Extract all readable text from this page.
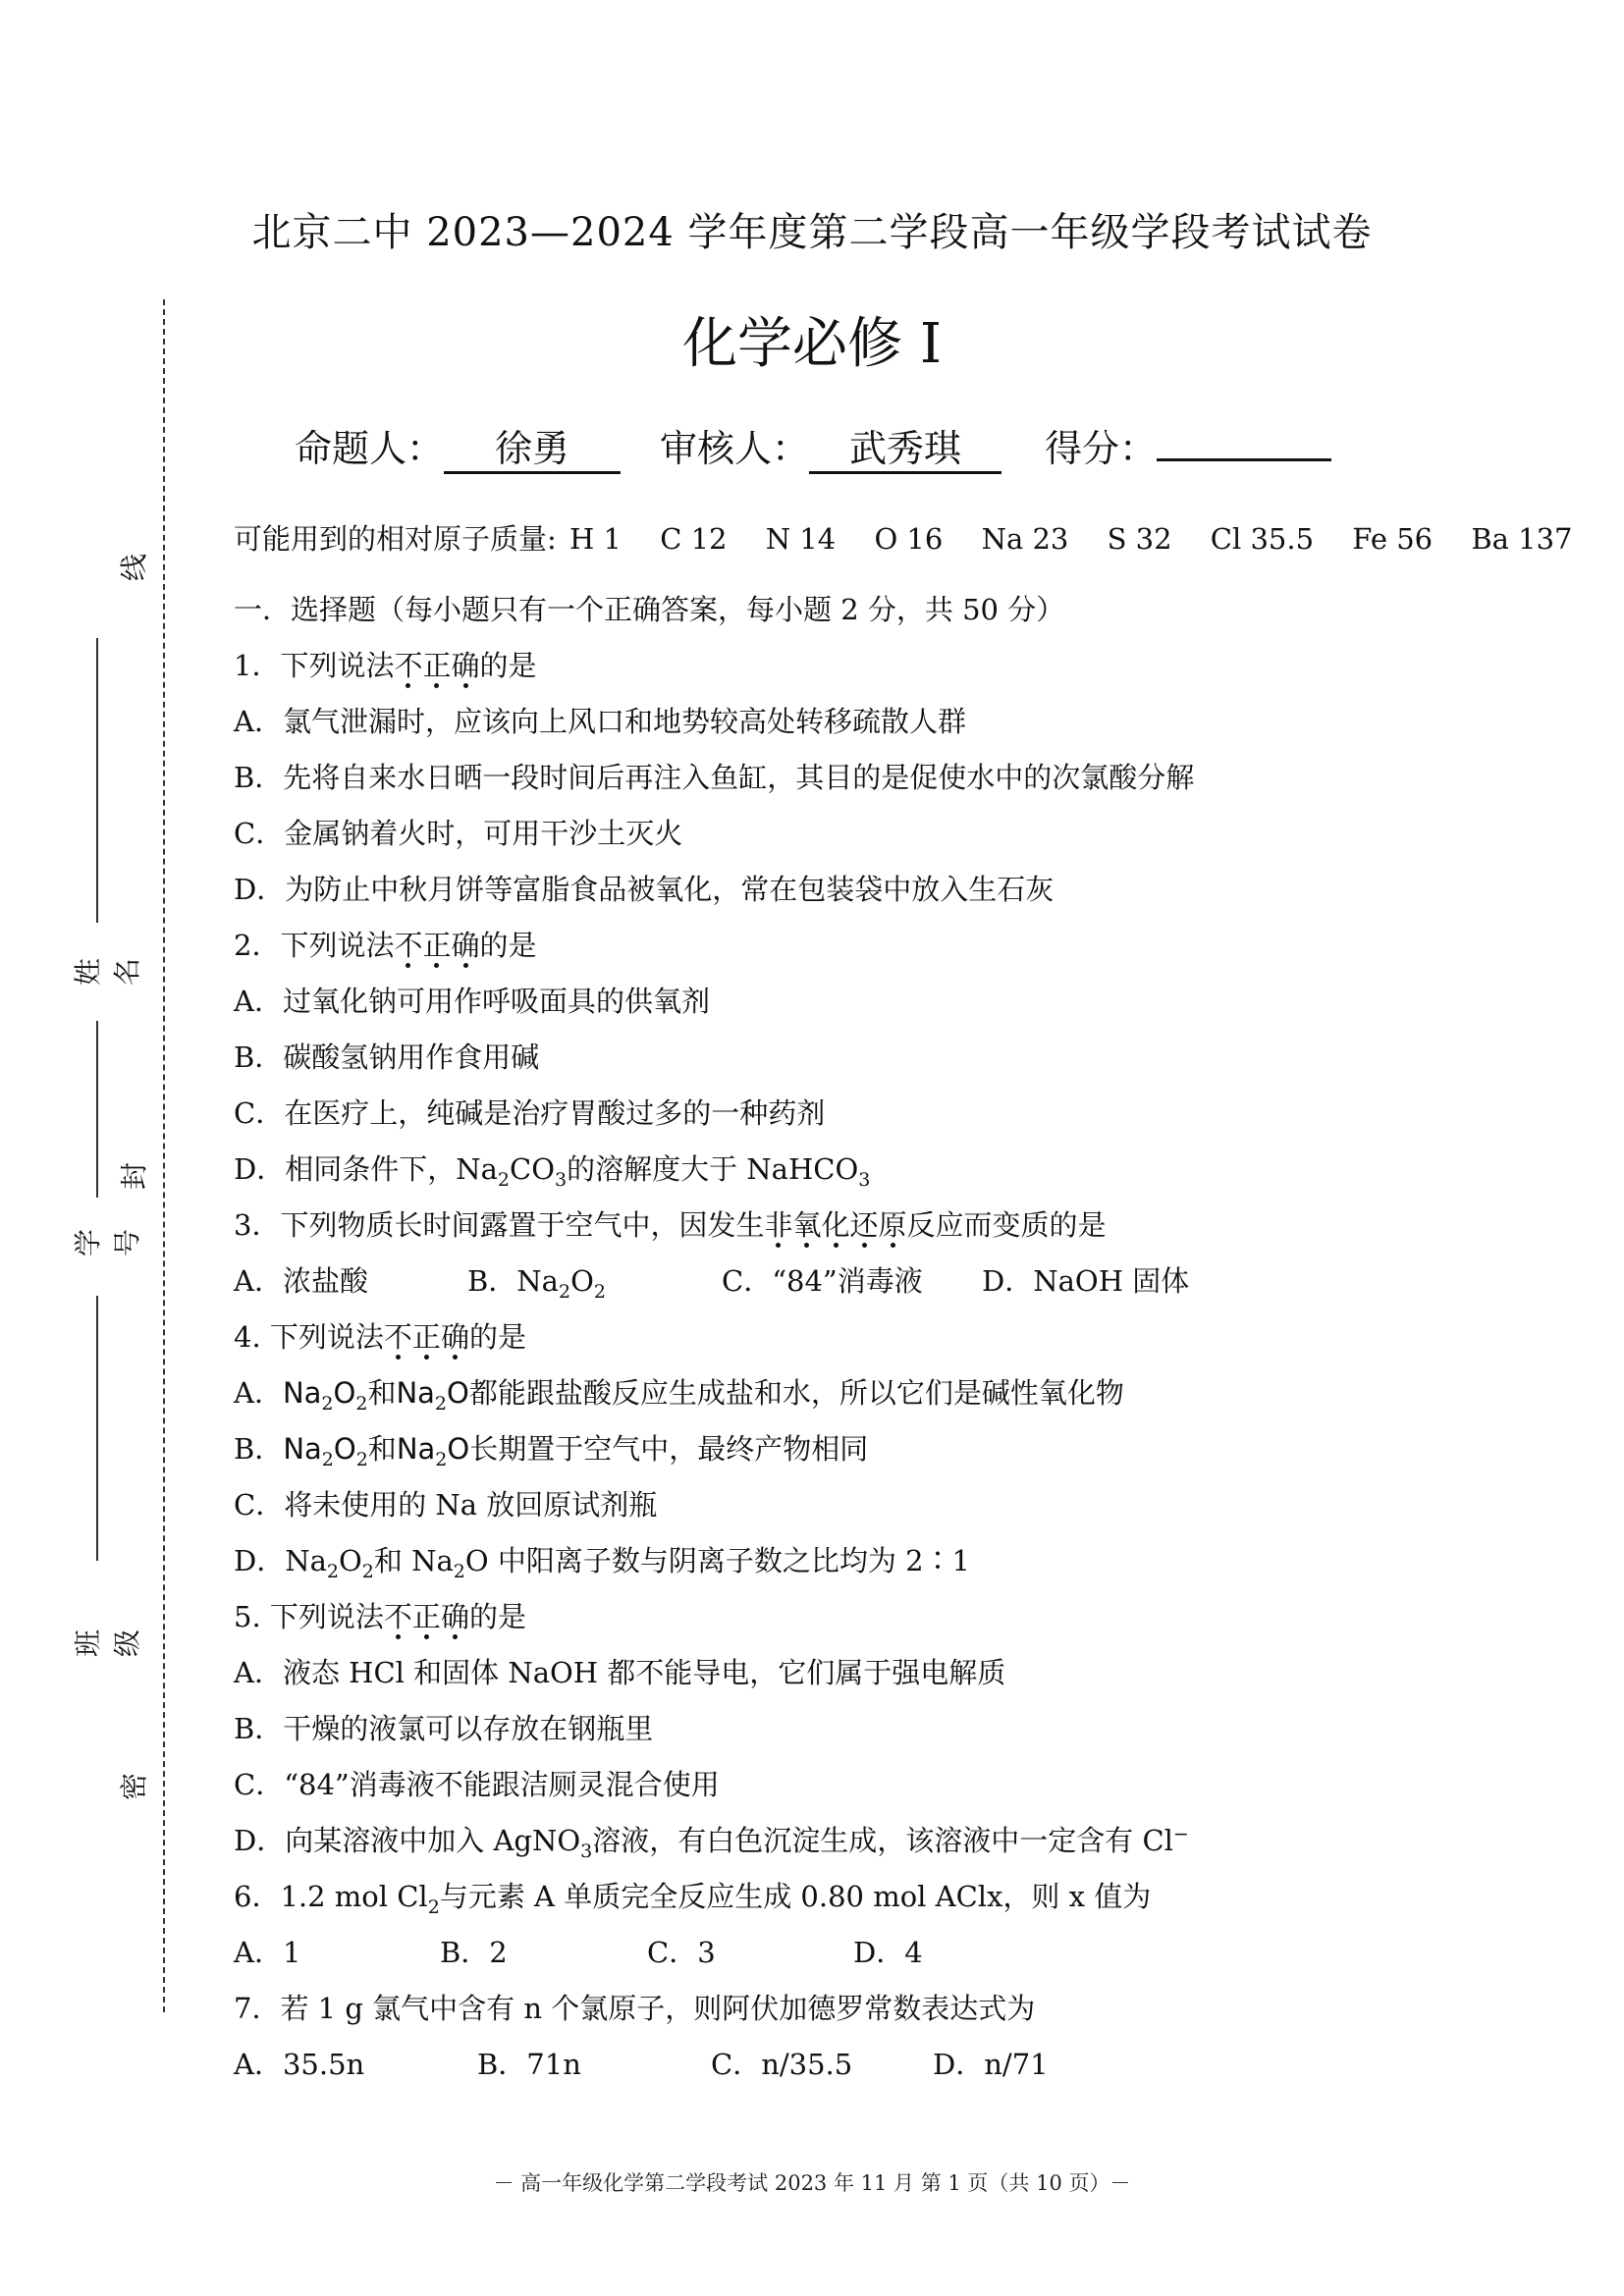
北京二中 2023—2024 学年度第二学段高一年级学段考试试卷
化学必修 I
命题人： 徐勇	审核人： 武秀琪	得分：
线
封
密
姓名
学号
班级
可能用到的相对原子质量: H 1 C 12 N 14 O 16 Na 23 S 32 Cl 35.5 Fe 56 Ba 137
一．选择题（每小题只有一个正确答案，每小题 2 分，共 50 分）
1．下列说法不正确的是
A．氯气泄漏时，应该向上风口和地势较高处转移疏散人群
B．先将自来水日晒一段时间后再注入鱼缸，其目的是促使水中的次氯酸分解
C．金属钠着火时，可用干沙土灭火
D．为防止中秋月饼等富脂食品被氧化，常在包装袋中放入生石灰
2．下列说法不正确的是
A．过氧化钠可用作呼吸面具的供氧剂
B．碳酸氢钠用作食用碱
C．在医疗上，纯碱是治疗胃酸过多的一种药剂
D．相同条件下，$Na_2CO_3$的溶解度大于 NaHCO$_3$
3．下列物质长时间露置于空气中，因发生非氧化还原反应而变质的是
A．浓盐酸	B．$Na_2O_2$	C．“84”消毒液 D．NaOH 固体
4. 下列说法不正确的是
A．$Na_2O_2$和$Na_2O$都能跟盐酸反应生成盐和水，所以它们是碱性氧化物
B．$Na_2O_2$和$Na_2O$长期置于空气中，最终产物相同
C．将未使用的 Na 放回原试剂瓶
D．$Na_2O_2$和 $Na_2O$ 中阳离子数与阴离子数之比均为 2∶1
5. 下列说法不正确的是
A．液态 HCl 和固体 NaOH 都不能导电，它们属于强电解质
B．干燥的液氯可以存放在钢瓶里
C．“84”消毒液不能跟洁厕灵混合使用
D．向某溶液中加入 AgNO$_3$溶液，有白色沉淀生成，该溶液中一定含有 Cl−
6．1.2 mol $Cl_2$与元素 A 单质完全反应生成 0.80 mol AClx，则 x 值为
A．1	B．2	C．3	D．4
7．若 1 g 氯气中含有 n 个氯原子，则阿伏加德罗常数表达式为
A．35.5n	B．71n	C．n/35.5	D．n/71
－ 高一年级化学第二学段考试 2023 年 11 月 第 1 页（共 10 页）－
